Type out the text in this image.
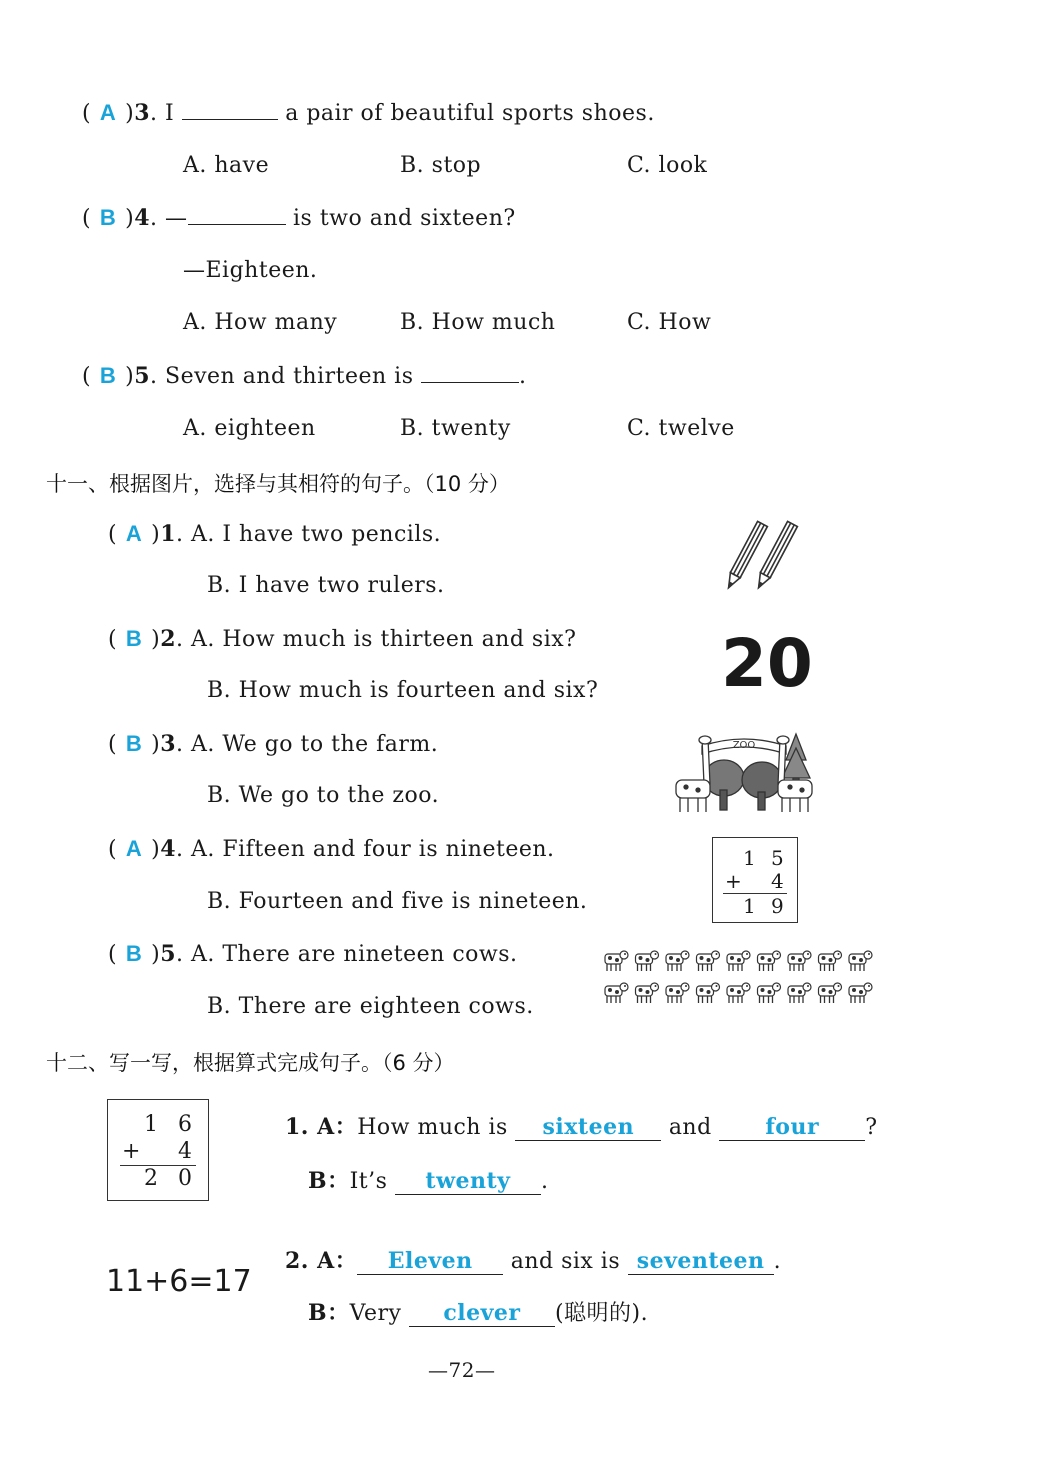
( A )3. I	a pair of beautiful sports shoes.
A. have	B. stop	C. look
( B )4. —	is two and sixteen?
—Eighteen.
A. How many	B. How much	C. How
( B )5. Seven and thirteen is	.
A. eighteen	B. twenty	C. twelve
十一、根据图片，选择与其相符的句子。（10 分）
( A )1. A. I have two pencils.
B. I have two rulers.
( B )2. A. How much is thirteen and six?
B. How much is fourteen and six?
( B )3. A. We go to the farm.
B. We go to the zoo.
( A )4. A. Fifteen and four is nineteen.
B. Fourteen and five is nineteen.
( B )5. A. There are nineteen cows.
B. There are eighteen cows.
20
ZOO
1 5
+ 4
1 9
十二、写一写，根据算式完成句子。（6 分）
1 6
+ 4
2 0
11+6=17
1. A：How much is sixteen and four ?
B：It’s twenty .
2. A： Eleven and six is seventeen .
B：Very clever (聪明的).
—72—
